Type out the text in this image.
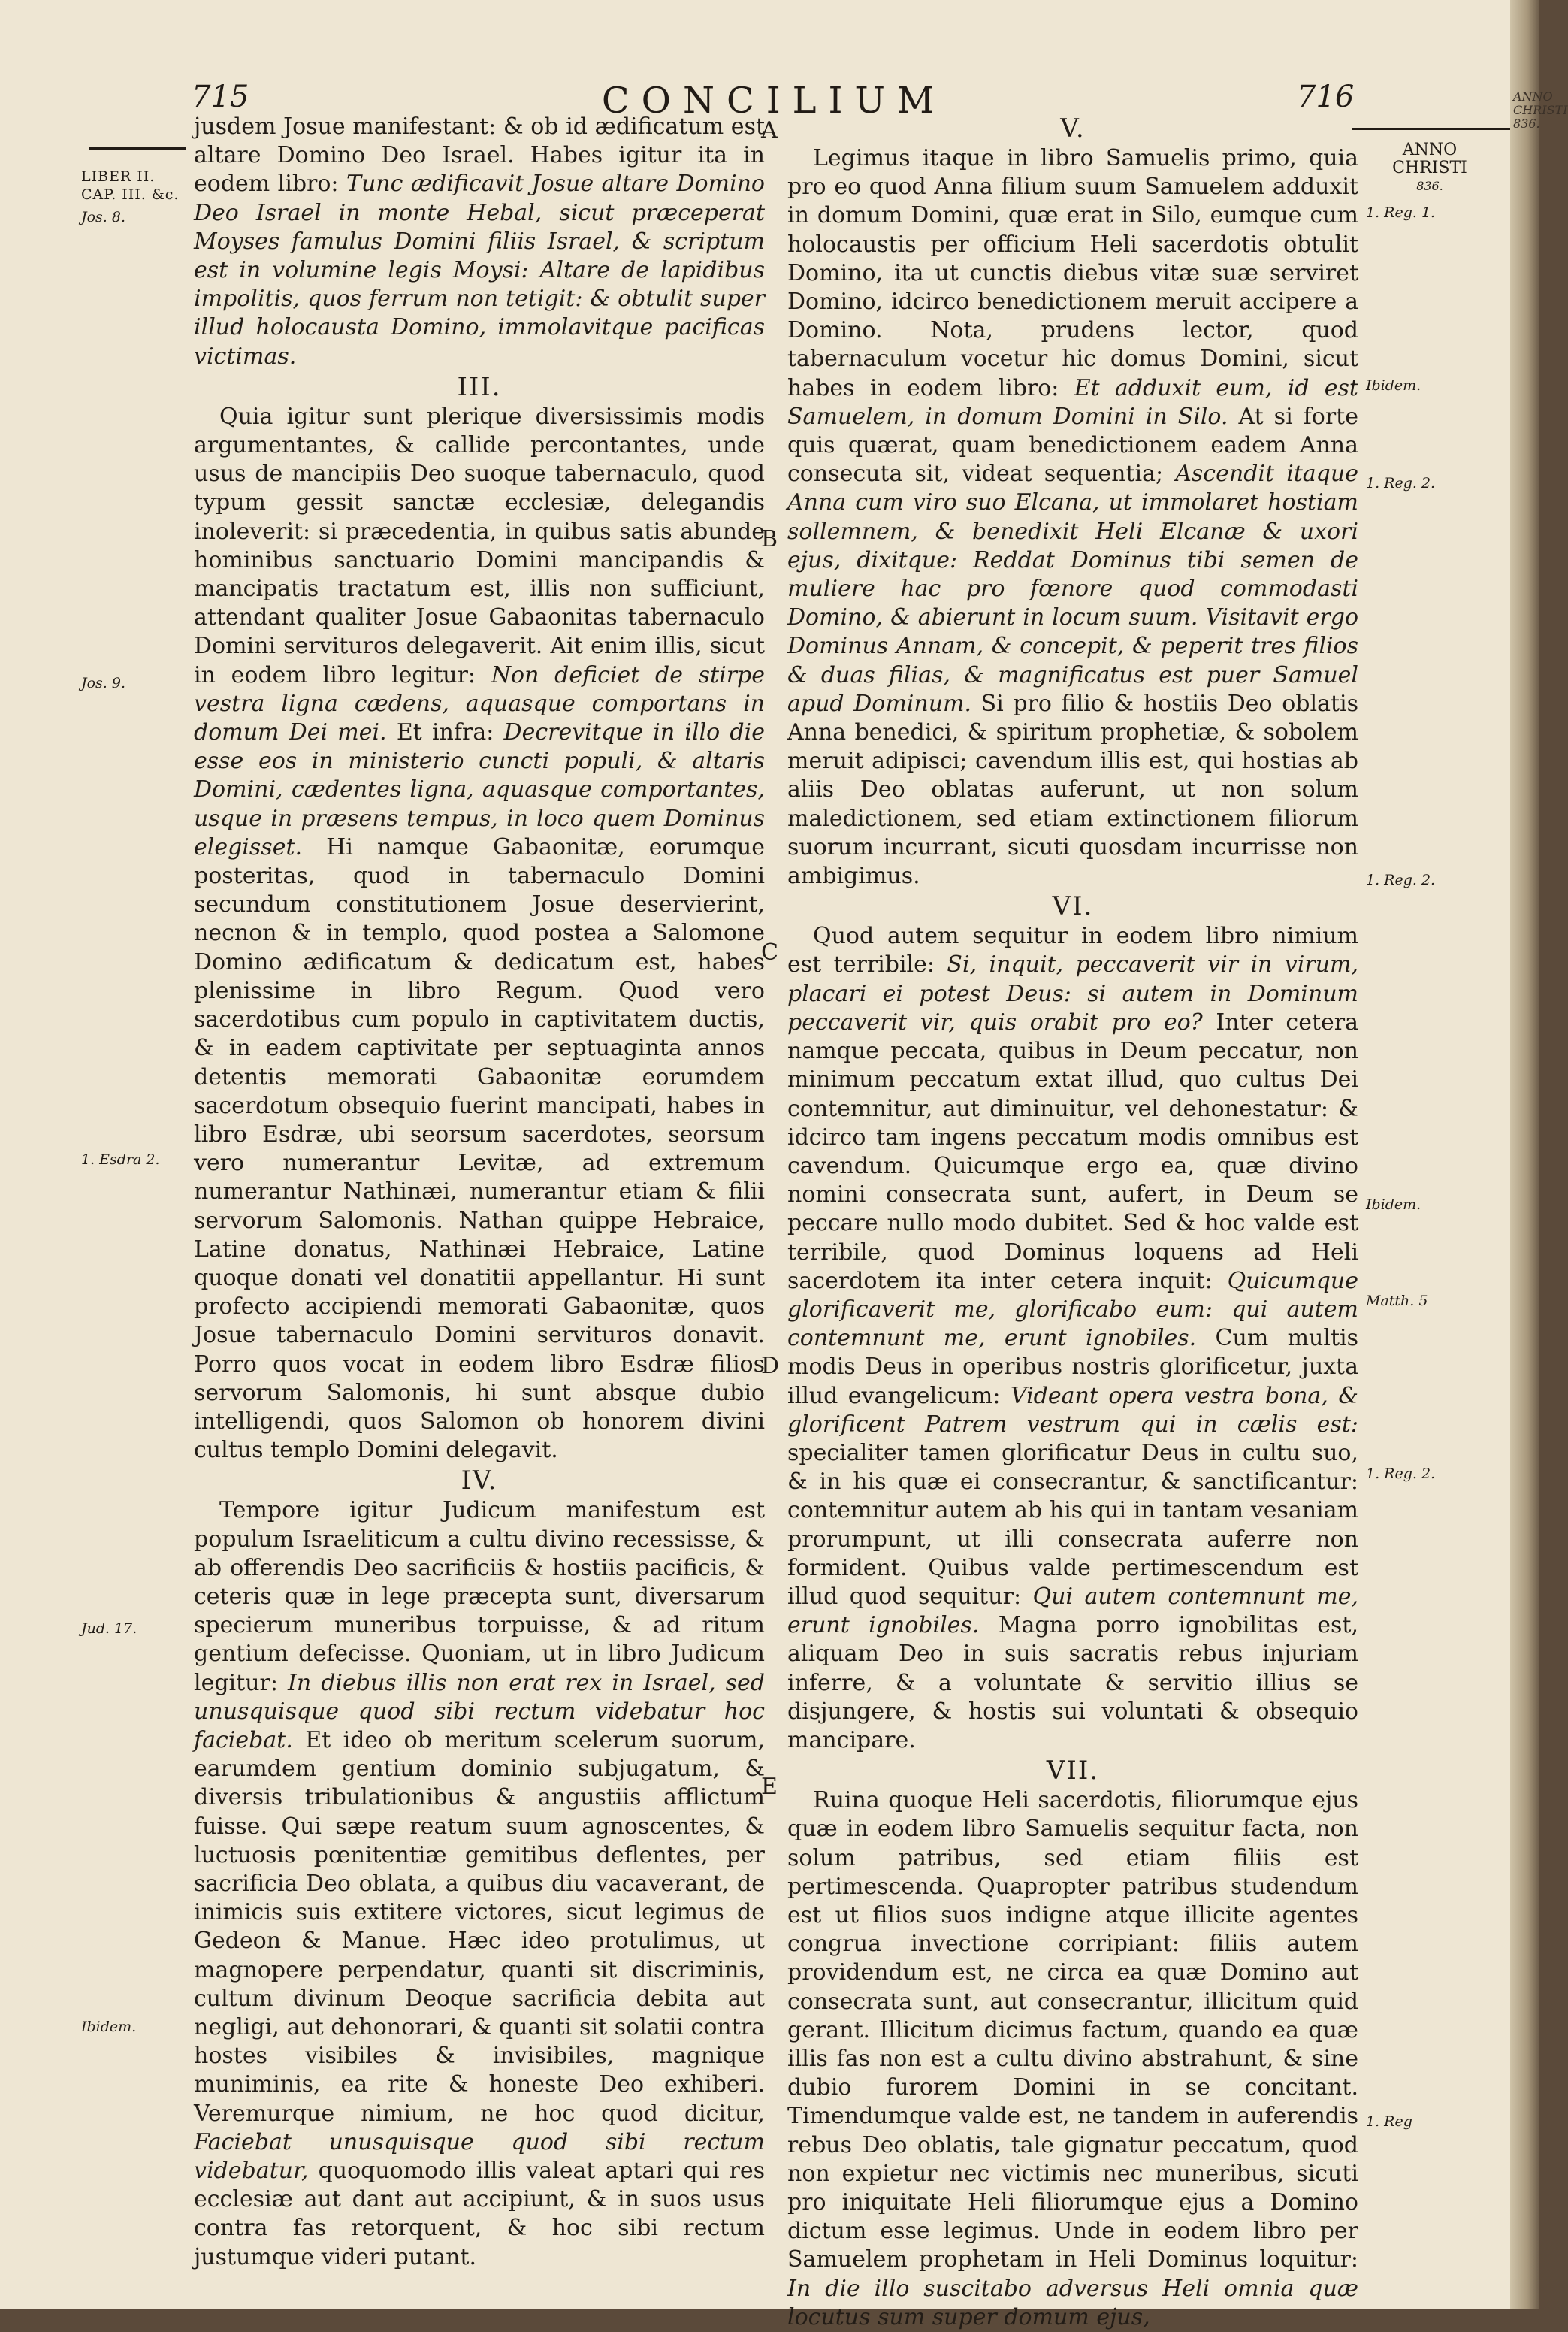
715	CONCILIUM	716
LIBER II.
CAP. III. &c.
Jos. 8.
Jos. 9.
1. Esdra 2.
Jud. 17.
Ibidem.
ANNO
CHRISTI
836.
1. Reg. 1.
Ibidem.
1. Reg. 2.
1. Reg. 2.
Ibidem.
Matth. 5
1. Reg. 2.
1. Reg
A
B
C
D
E

jusdem Josue manifestant: & ob id ædificatum est altare Domino Deo Israel. Habes igitur ita in eodem libro: Tunc ædificavit Josue altare Domino Deo Israel in monte Hebal, sicut præceperat Moyses famulus Domini filiis Israel, & scriptum est in volumine legis Moysi: Altare de lapidibus impolitis, quos ferrum non tetigit: & obtulit super illud holocausta Domino, immolavitque pacificas victimas.

III.

Quia igitur sunt plerique diversissimis modis argumentantes, & callide percontantes, unde usus de mancipiis Deo suoque tabernaculo, quod typum gessit sanctæ ecclesiæ, delegandis inoleverit: si præcedentia, in quibus satis abunde hominibus sanctuario Domini mancipandis & mancipatis tractatum est, illis non sufficiunt, attendant qualiter Josue Gabaonitas tabernaculo Domini servituros delegaverit. Ait enim illis, sicut in eodem libro legitur: Non deficiet de stirpe vestra ligna cædens, aquasque comportans in domum Dei mei. Et infra: Decrevitque in illo die esse eos in ministerio cuncti populi, & altaris Domini, cædentes ligna, aquasque comportantes, usque in præsens tempus, in loco quem Dominus elegisset. Hi namque Gabaonitæ, eorumque posteritas, quod in tabernaculo Domini secundum constitutionem Josue deservierint, necnon & in templo, quod postea a Salomone Domino ædificatum & dedicatum est, habes plenissime in libro Regum. Quod vero sacerdotibus cum populo in captivitatem ductis, & in eadem captivitate per septuaginta annos detentis memorati Gabaonitæ eorumdem sacerdotum obsequio fuerint mancipati, habes in libro Esdræ, ubi seorsum sacerdotes, seorsum vero numerantur Levitæ, ad extremum numerantur Nathinæi, numerantur etiam & filii servorum Salomonis. Nathan quippe Hebraice, Latine donatus, Nathinæi Hebraice, Latine quoque donati vel donatitii appellantur. Hi sunt profecto accipiendi memorati Gabaonitæ, quos Josue tabernaculo Domini servituros donavit. Porro quos vocat in eodem libro Esdræ filios servorum Salomonis, hi sunt absque dubio intelligendi, quos Salomon ob honorem divini cultus templo Domini delegavit.

IV.

Tempore igitur Judicum manifestum est populum Israeliticum a cultu divino recessisse, & ab offerendis Deo sacrificiis & hostiis pacificis, & ceteris quæ in lege præcepta sunt, diversarum specierum muneribus torpuisse, & ad ritum gentium defecisse. Quoniam, ut in libro Judicum legitur: In diebus illis non erat rex in Israel, sed unusquisque quod sibi rectum videbatur hoc faciebat. Et ideo ob meritum scelerum suorum, earumdem gentium dominio subjugatum, & diversis tribulationibus & angustiis afflictum fuisse. Qui sæpe reatum suum agnoscentes, & luctuosis pœnitentiæ gemitibus deflentes, per sacrificia Deo oblata, a quibus diu vacaverant, de inimicis suis extitere victores, sicut legimus de Gedeon & Manue. Hæc ideo protulimus, ut magnopere perpendatur, quanti sit discriminis, cultum divinum Deoque sacrificia debita aut negligi, aut dehonorari, & quanti sit solatii contra hostes visibiles & invisibiles, magnique muniminis, ea rite & honeste Deo exhiberi. Veremurque nimium, ne hoc quod dicitur, Faciebat unusquisque quod sibi rectum videbatur, quoquomodo illis valeat aptari qui res ecclesiæ aut dant aut accipiunt, & in suos usus contra fas retorquent, & hoc sibi rectum justumque videri putant.

V.

Legimus itaque in libro Samuelis primo, quia pro eo quod Anna filium suum Samuelem adduxit in domum Domini, quæ erat in Silo, eumque cum holocaustis per officium Heli sacerdotis obtulit Domino, ita ut cunctis diebus vitæ suæ serviret Domino, idcirco benedictionem meruit accipere a Domino. Nota, prudens lector, quod tabernaculum vocetur hic domus Domini, sicut habes in eodem libro: Et adduxit eum, id est Samuelem, in domum Domini in Silo. At si forte quis quærat, quam benedictionem eadem Anna consecuta sit, videat sequentia; Ascendit itaque Anna cum viro suo Elcana, ut immolaret hostiam sollemnem, & benedixit Heli Elcanæ & uxori ejus, dixitque: Reddat Dominus tibi semen de muliere hac pro fœnore quod commodasti Domino, & abierunt in locum suum. Visitavit ergo Dominus Annam, & concepit, & peperit tres filios & duas filias, & magnificatus est puer Samuel apud Dominum. Si pro filio & hostiis Deo oblatis Anna benedici, & spiritum prophetiæ, & sobolem meruit adipisci; cavendum illis est, qui hostias ab aliis Deo oblatas auferunt, ut non solum maledictionem, sed etiam extinctionem filiorum suorum incurrant, sicuti quosdam incurrisse non ambigimus.

VI.

Quod autem sequitur in eodem libro nimium est terribile: Si, inquit, peccaverit vir in virum, placari ei potest Deus: si autem in Dominum peccaverit vir, quis orabit pro eo? Inter cetera namque peccata, quibus in Deum peccatur, non minimum peccatum extat illud, quo cultus Dei contemnitur, aut diminuitur, vel dehonestatur: & idcirco tam ingens peccatum modis omnibus est cavendum. Quicumque ergo ea, quæ divino nomini consecrata sunt, aufert, in Deum se peccare nullo modo dubitet. Sed & hoc valde est terribile, quod Dominus loquens ad Heli sacerdotem ita inter cetera inquit: Quicumque glorificaverit me, glorificabo eum: qui autem contemnunt me, erunt ignobiles. Cum multis modis Deus in operibus nostris glorificetur, juxta illud evangelicum: Videant opera vestra bona, & glorificent Patrem vestrum qui in cælis est: specialiter tamen glorificatur Deus in cultu suo, & in his quæ ei consecrantur, & sanctificantur: contemnitur autem ab his qui in tantam vesaniam prorumpunt, ut illi consecrata auferre non formident. Quibus valde pertimescendum est illud quod sequitur: Qui autem contemnunt me, erunt ignobiles. Magna porro ignobilitas est, aliquam Deo in suis sacratis rebus injuriam inferre, & a voluntate & servitio illius se disjungere, & hostis sui voluntati & obsequio mancipare.

VII.

Ruina quoque Heli sacerdotis, filiorumque ejus quæ in eodem libro Samuelis sequitur facta, non solum patribus, sed etiam filiis est pertimescenda. Quapropter patribus studendum est ut filios suos indigne atque illicite agentes congrua invectione corripiant: filiis autem providendum est, ne circa ea quæ Domino aut consecrata sunt, aut consecrantur, illicitum quid gerant. Illicitum dicimus factum, quando ea quæ illis fas non est a cultu divino abstrahunt, & sine dubio furorem Domini in se concitant. Timendumque valde est, ne tandem in auferendis rebus Deo oblatis, tale gignatur peccatum, quod non expietur nec victimis nec muneribus, sicuti pro iniquitate Heli filiorumque ejus a Domino dictum esse legimus. Unde in eodem libro per Samuelem prophetam in Heli Dominus loquitur: In die illo suscitabo adversus Heli omnia quæ locutus sum super domum ejus,

ANNO CHRISTI 836.
